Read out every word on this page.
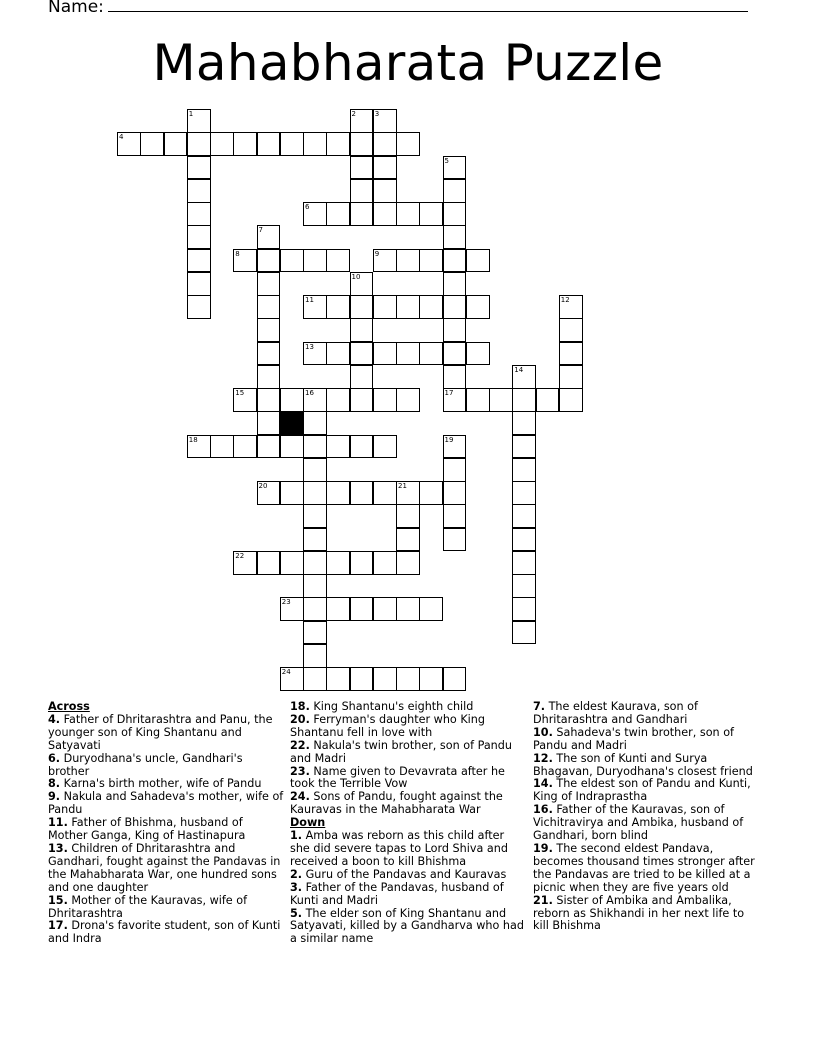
Name:
Mahabharata Puzzle
1	2	3
4
5
17
6
7
8	9
10
11	12
13
14
15	16
18	19
20	21
22
23
24
Across
4. Father of Dhritarashtra and Panu, the younger son of King Shantanu and Satyavati
6. Duryodhana's uncle, Gandhari's brother
8. Karna's birth mother, wife of Pandu
9. Nakula and Sahadeva's mother, wife of Pandu
11. Father of Bhishma, husband of Mother Ganga, King of Hastinapura
13. Children of Dhritarashtra and Gandhari, fought against the Pandavas in the Mahabharata War, one hundred sons and one daughter
15. Mother of the Kauravas, wife of Dhritarashtra
17. Drona's favorite student, son of Kunti and Indra
18. King Shantanu's eighth child
20. Ferryman's daughter who King Shantanu fell in love with
22. Nakula's twin brother, son of Pandu and Madri
23. Name given to Devavrata after he took the Terrible Vow
24. Sons of Pandu, fought against the Kauravas in the Mahabharata War
Down
1. Amba was reborn as this child after she did severe tapas to Lord Shiva and received a boon to kill Bhishma
2. Guru of the Pandavas and Kauravas
3. Father of the Pandavas, husband of Kunti and Madri
5. The elder son of King Shantanu and Satyavati, killed by a Gandharva who had a similar name
7. The eldest Kaurava, son of Dhritarashtra and Gandhari
10. Sahadeva's twin brother, son of Pandu and Madri
12. The son of Kunti and Surya Bhagavan, Duryodhana's closest friend
14. The eldest son of Pandu and Kunti, King of Indraprastha
16. Father of the Kauravas, son of Vichitravirya and Ambika, husband of Gandhari, born blind
19. The second eldest Pandava, becomes thousand times stronger after the Pandavas are tried to be killed at a picnic when they are five years old
21. Sister of Ambika and Ambalika, reborn as Shikhandi in her next life to kill Bhishma
